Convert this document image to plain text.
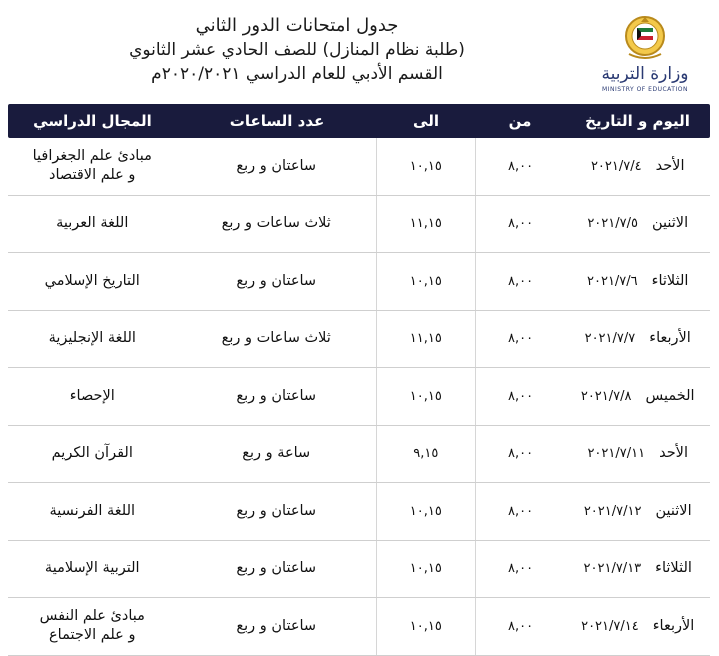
جدول امتحانات الدور الثاني
(طلبة نظام المنازل) للصف الحادي عشر الثانوي
القسم الأدبي للعام الدراسي ٢٠٢٠/٢٠٢١م	وزارة التربية
MINISTRY OF EDUCATION
اليوم و التاريخ
من
الى
عدد الساعات
المجال الدراسي
الأحد
٢٠٢١/٧/٤
٨,٠٠
١٠,١٥
ساعتان و ربع
مبادئ علم الجغرافيا
و علم الاقتصاد
الاثنين
٢٠٢١/٧/٥
٨,٠٠
١١,١٥
ثلاث ساعات و ربع
اللغة العربية
الثلاثاء
٢٠٢١/٧/٦
٨,٠٠
١٠,١٥
ساعتان و ربع
التاريخ الإسلامي
الأربعاء
٢٠٢١/٧/٧
٨,٠٠
١١,١٥
ثلاث ساعات و ربع
اللغة الإنجليزية
الخميس
٢٠٢١/٧/٨
٨,٠٠
١٠,١٥
ساعتان و ربع
الإحصاء
الأحد
٢٠٢١/٧/١١
٨,٠٠
٩,١٥
ساعة و ربع
القرآن الكريم
الاثنين
٢٠٢١/٧/١٢
٨,٠٠
١٠,١٥
ساعتان و ربع
اللغة الفرنسية
الثلاثاء
٢٠٢١/٧/١٣
٨,٠٠
١٠,١٥
ساعتان و ربع
التربية الإسلامية
الأربعاء
٢٠٢١/٧/١٤
٨,٠٠
١٠,١٥
ساعتان و ربع
مبادئ علم النفس
و علم الاجتماع
